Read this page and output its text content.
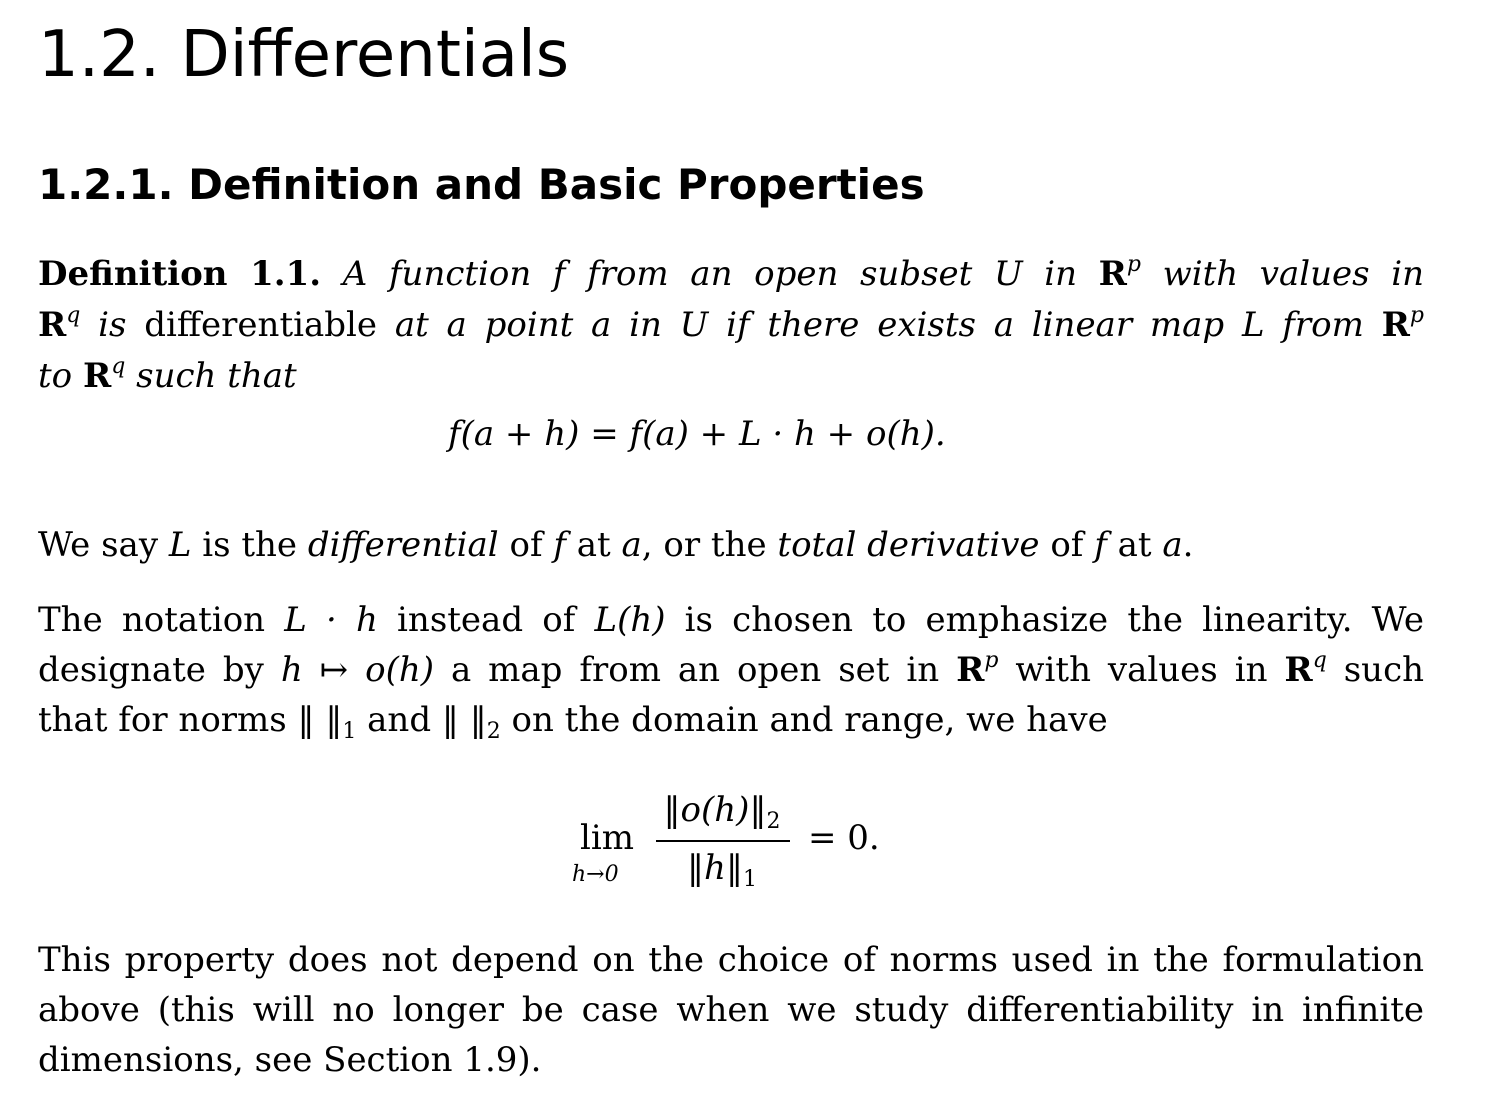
1.2. Differentials
1.2.1. Definition and Basic Properties
Definition 1.1. A function f from an open subset U in $R^p$ with values in
$R^q$ is differentiable at a point a in U if there exists a linear map L from $R^p$
to $R^q$ such that
f(a + h) = f(a) + L · h + o(h).
We say L is the differential of f at a, or the total derivative of f at a.
The notation L · h instead of L(h) is chosen to emphasize the linearity. We
designate by h ↦ o(h) a map from an open set in $R^p$ with values in $R^q$ such
that for norms ‖ $‖_1$ and ‖ $‖_2$ on the domain and range, we have
lim
h→0
$‖o(h)‖_2$
$‖h‖_1$
= 0.
This property does not depend on the choice of norms used in the formulation
above (this will no longer be case when we study differentiability in infinite
dimensions, see Section 1.9).
